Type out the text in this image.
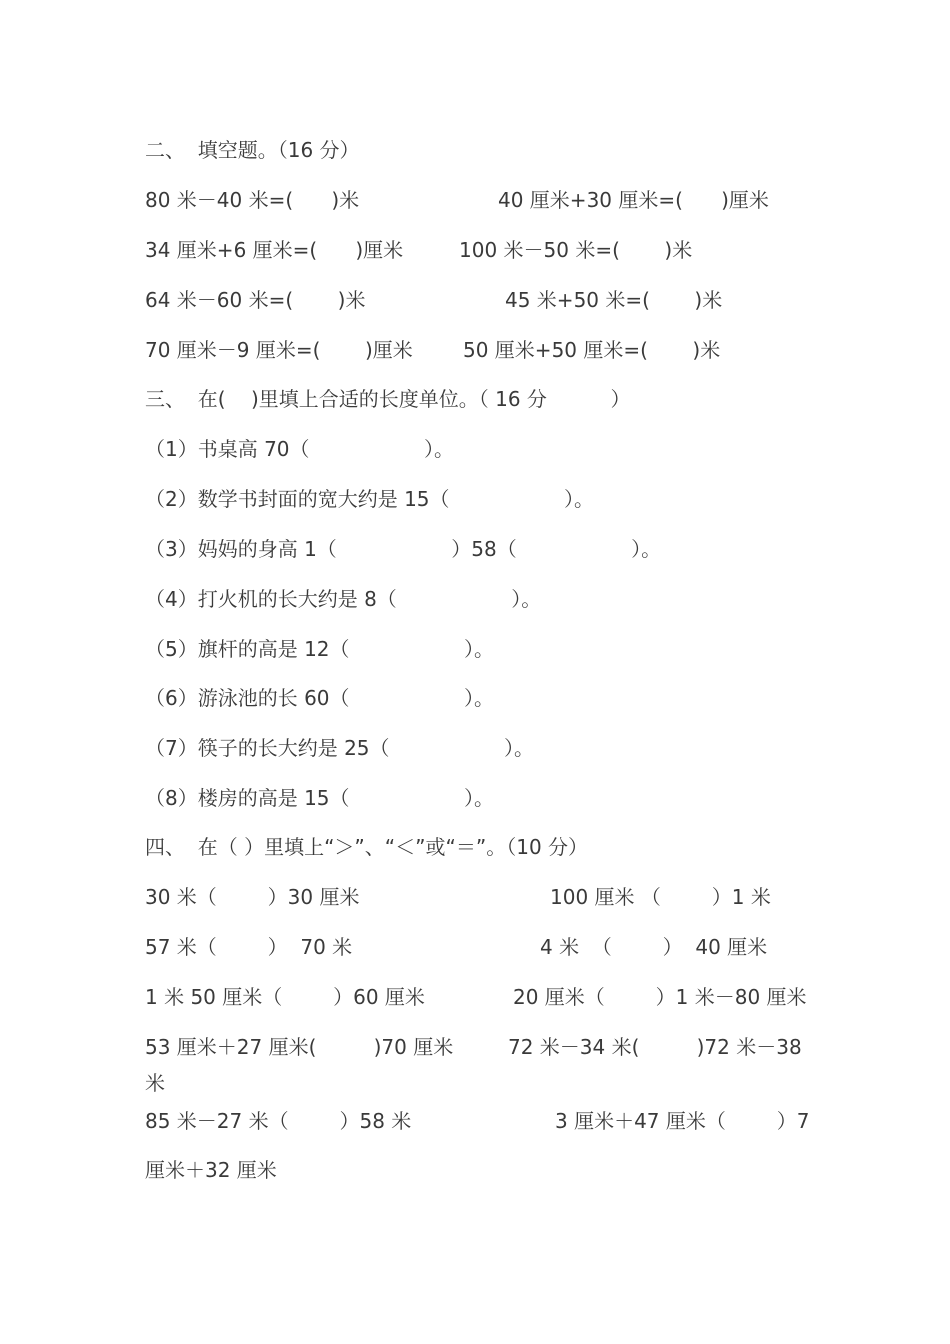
二、  填空题。（16 分）
80 米－40 米=(      )米	40 厘米+30 厘米=(      )厘米
34 厘米+6 厘米=(      )厘米	100 米－50 米=(       )米
64 米－60 米=(       )米	45 米+50 米=(       )米
70 厘米－9 厘米=(       )厘米	50 厘米+50 厘米=(       )米
三、  在(    )里填上合适的长度单位。（ 16 分          ）
（1）书桌高 70（                  ）。
（2）数学书封面的宽大约是 15（                  ）。
（3）妈妈的身高 1（                  ）58（                  ）。
（4）打火机的长大约是 8（                  ）。
（5）旗杆的高是 12（                  ）。
（6）游泳池的长 60（                  ）。
（7）筷子的长大约是 25（                  ）。
（8）楼房的高是 15（                  ）。
四、  在（ ）里填上“＞”、“＜”或“＝”。（10 分）
30 米（        ）30 厘米	100 厘米 （        ）1 米
57 米（        ）  70 米	4 米  （        ）  40 厘米
1 米 50 厘米（        ）60 厘米	20 厘米（        ）1 米－80 厘米
53 厘米＋27 厘米(         )70 厘米	72 米－34 米(         )72 米－38
米
85 米－27 米（        ）58 米	3 厘米＋47 厘米（        ）7
厘米＋32 厘米
